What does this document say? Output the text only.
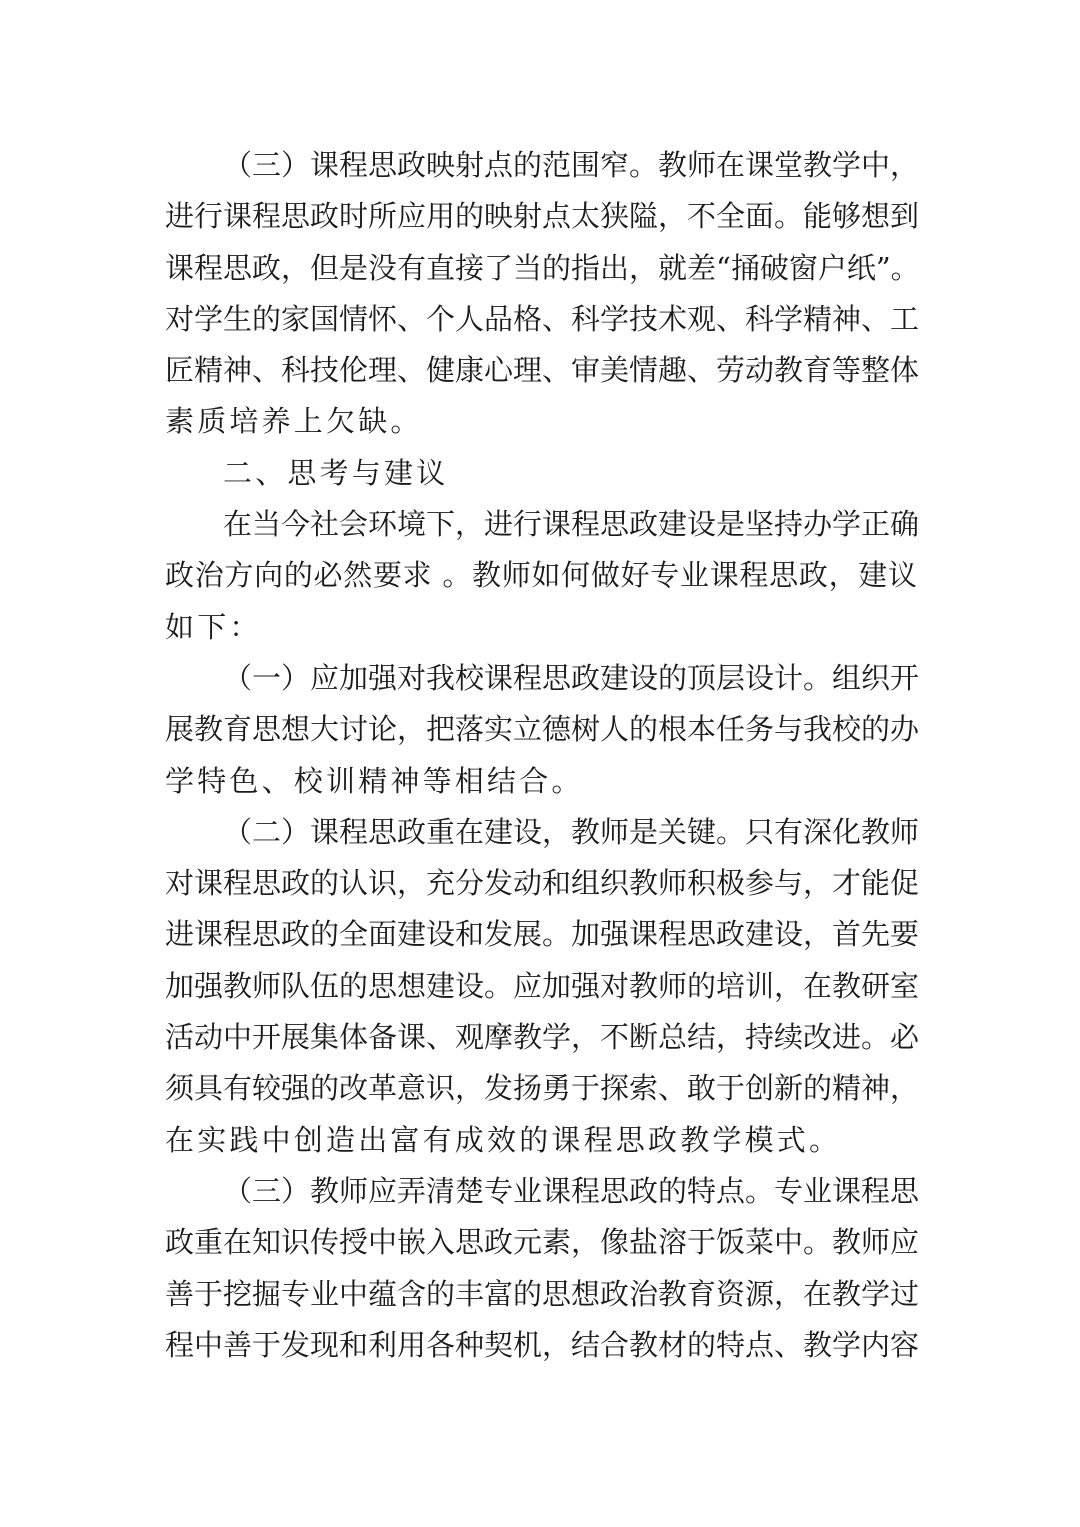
（三）课程思政映射点的范围窄。教师在课堂教学中，
进行课程思政时所应用的映射点太狭隘，不全面。能够想到
课程思政，但是没有直接了当的指出，就差“捅破窗户纸”。
对学生的家国情怀、个人品格、科学技术观、科学精神、工
匠精神、科技伦理、健康心理、审美情趣、劳动教育等整体
素质培养上欠缺。
二、思考与建议
在当今社会环境下，进行课程思政建设是坚持办学正确
政治方向的必然要求 。教师如何做好专业课程思政，建议
如下：
（一）应加强对我校课程思政建设的顶层设计。组织开
展教育思想大讨论，把落实立德树人的根本任务与我校的办
学特色、校训精神等相结合。
（二）课程思政重在建设，教师是关键。只有深化教师
对课程思政的认识，充分发动和组织教师积极参与，才能促
进课程思政的全面建设和发展。加强课程思政建设，首先要
加强教师队伍的思想建设。应加强对教师的培训，在教研室
活动中开展集体备课、观摩教学，不断总结，持续改进。必
须具有较强的改革意识，发扬勇于探索、敢于创新的精神，
在实践中创造出富有成效的课程思政教学模式。
（三）教师应弄清楚专业课程思政的特点。专业课程思
政重在知识传授中嵌入思政元素，像盐溶于饭菜中。教师应
善于挖掘专业中蕴含的丰富的思想政治教育资源，在教学过
程中善于发现和利用各种契机，结合教材的特点、教学内容
